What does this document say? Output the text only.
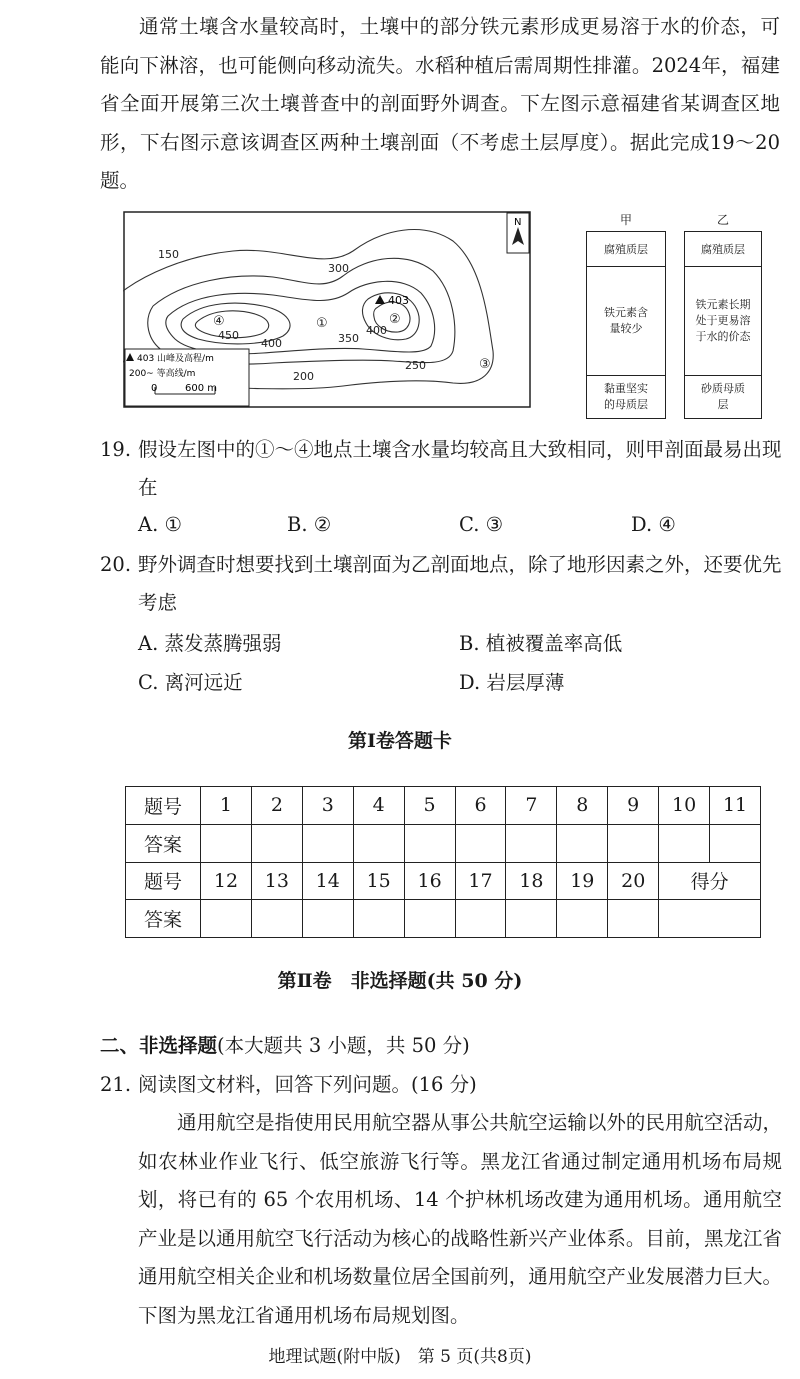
通常土壤含水量较高时，土壤中的部分铁元素形成更易溶于水的价态，可能向下淋溶，也可能侧向移动流失。水稻种植后需周期性排灌。2024年，福建省全面开展第三次土壤普查中的剖面野外调查。下左图示意福建省某调查区地形，下右图示意该调查区两种土壤剖面（不考虑土层厚度）。据此完成19～20题。
N
150
300
450
400	350
400
250
200
403
④	①	②
③
403 山峰及高程/m
200~ 等高线/m
0	600 m
甲
腐殖质层
铁元素含量较少
黏重坚实的母质层
乙
腐殖质层
铁元素长期处于更易溶于水的价态
砂质母质层
19. 假设左图中的①～④地点土壤含水量均较高且大致相同，则甲剖面最易出现在
A. ①	B. ②	C. ③	D. ④
20. 野外调查时想要找到土壤剖面为乙剖面地点，除了地形因素之外，还要优先考虑
A. 蒸发蒸腾强弱	B. 植被覆盖率高低
C. 离河远近	D. 岩层厚薄
第Ⅰ卷答题卡
题号	1	2	3	4	5	6	7	8	9	10	11
答案											
题号	12	13	14	15	16	17	18	19	20	得分	
答案											
第Ⅱ卷　非选择题(共 50 分)
二、非选择题(本大题共 3 小题，共 50 分)
21. 阅读图文材料，回答下列问题。(16 分)
通用航空是指使用民用航空器从事公共航空运输以外的民用航空活动，如农林业作业飞行、低空旅游飞行等。黑龙江省通过制定通用机场布局规划，将已有的 65 个农用机场、14 个护林机场改建为通用机场。通用航空产业是以通用航空飞行活动为核心的战略性新兴产业体系。目前，黑龙江省通用航空相关企业和机场数量位居全国前列，通用航空产业发展潜力巨大。下图为黑龙江省通用机场布局规划图。
地理试题(附中版)　第 5 页(共8页)
